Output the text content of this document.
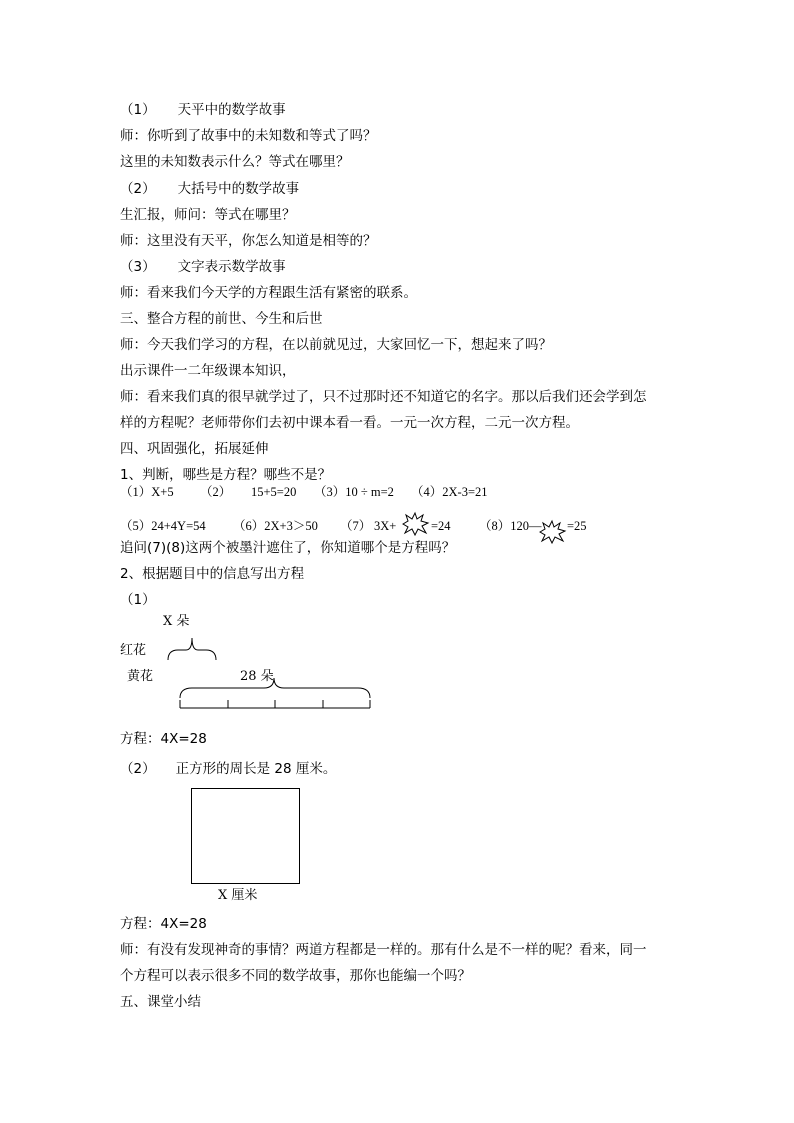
（1） 天平中的数学故事
师：你听到了故事中的未知数和等式了吗？
这里的未知数表示什么？等式在哪里？
（2） 大括号中的数学故事
生汇报，师问：等式在哪里？
师：这里没有天平，你怎么知道是相等的？
（3） 文字表示数学故事
师：看来我们今天学的方程跟生活有紧密的联系。
三、整合方程的前世、今生和后世
师：今天我们学习的方程，在以前就见过，大家回忆一下，想起来了吗？
出示课件一二年级课本知识，
师：看来我们真的很早就学过了，只不过那时还不知道它的名字。那以后我们还会学到怎
样的方程呢？老师带你们去初中课本看一看。一元一次方程，二元一次方程。
四、巩固强化，拓展延伸
1、判断，哪些是方程？哪些不是？
（1）X+5 （2） 15+5=20 （3）10 ÷ m=2 （4）2X-3=21
（5）24+4Y=54 （6）2X+3＞50 （7） 3X+	=24 （8）120— =25
追问(7)(8)这两个被墨汁遮住了，你知道哪个是方程吗？
2、根据题目中的信息写出方程
（1）
X 朵
红花
黄花	28 朵
方程：4X=28
（2） 正方形的周长是 28 厘米。
X 厘米
方程：4X=28
师：有没有发现神奇的事情？两道方程都是一样的。那有什么是不一样的呢？看来，同一
个方程可以表示很多不同的数学故事，那你也能编一个吗？
五、课堂小结
